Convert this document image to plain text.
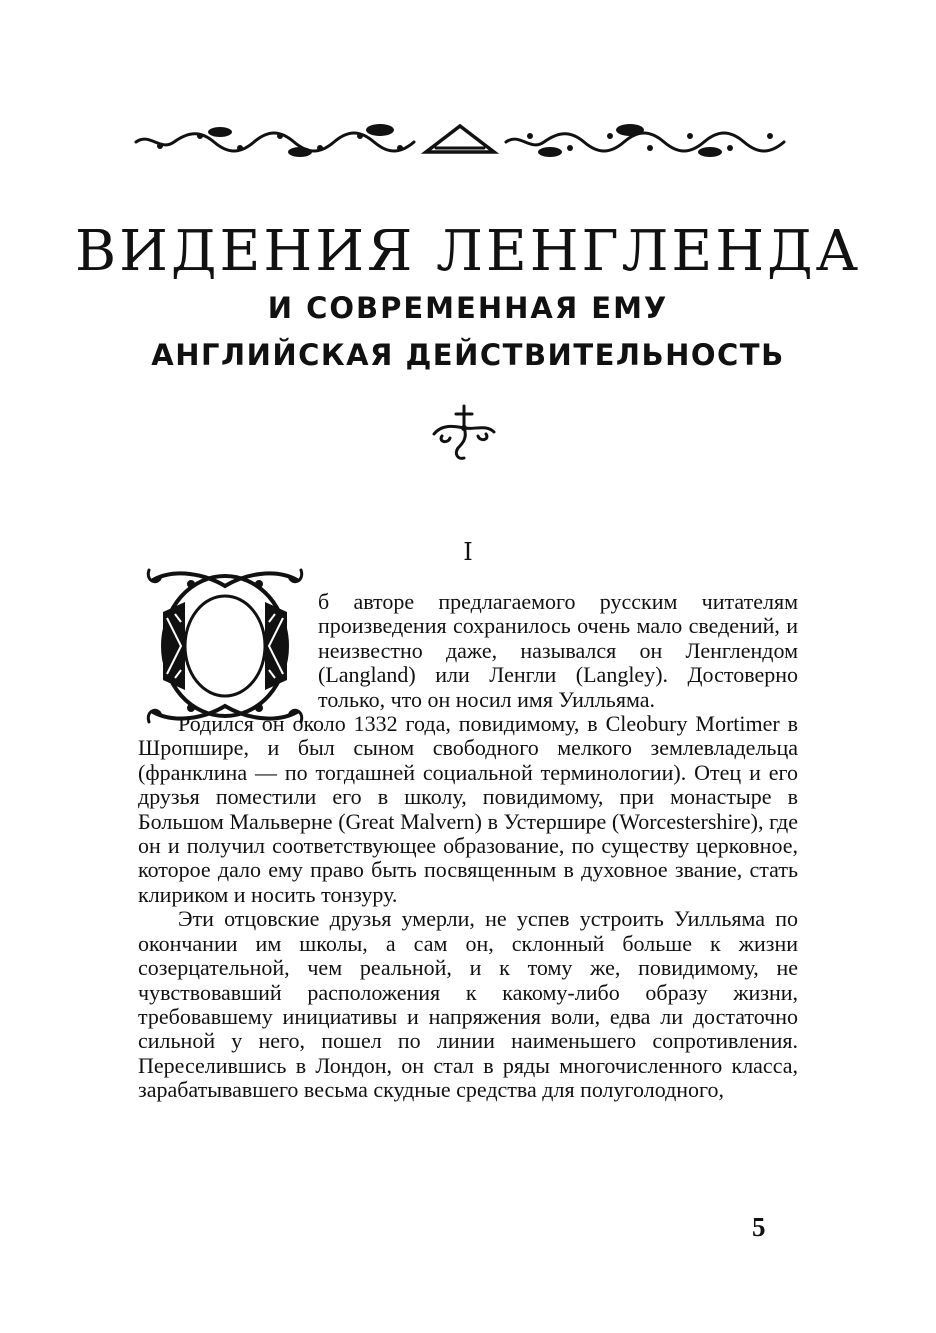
ВИДЕНИЯ ЛЕНГЛЕНДА
И СОВРЕМЕННАЯ ЕМУ
АНГЛИЙСКАЯ ДЕЙСТВИТЕЛЬНОСТЬ
I

б авторе предлагаемого русским читателям произведения сохранилось очень мало сведений, и неизвестно даже, назывался он Ленглендом (Langland) или Ленгли (Langley). Достоверно только, что он носил имя Уилльяма.

Родился он около 1332 года, повидимому, в Cleobury Mortimer в Шропшире, и был сыном свободного мелкого землевладельца (франклина — по тогдашней социальной терминологии). Отец и его друзья поместили его в школу, повидимому, при монастыре в Большом Мальверне (Great Malvern) в Устершире (Worcestershire), где он и получил соответствующее образование, по существу церковное, которое дало ему право быть посвященным в духовное звание, стать клириком и носить тонзуру.

Эти отцовские друзья умерли, не успев устроить Уилльяма по окончании им школы, а сам он, склонный больше к жизни созерцательной, чем реальной, и к тому же, повидимому, не чувствовавший расположения к какому-либо образу жизни, требовавшему инициативы и напряжения воли, едва ли достаточно сильной у него, пошел по линии наименьшего сопротивления. Переселившись в Лондон, он стал в ряды многочисленного класса, зарабатывавшего весьма скудные средства для полуголодного,

5
